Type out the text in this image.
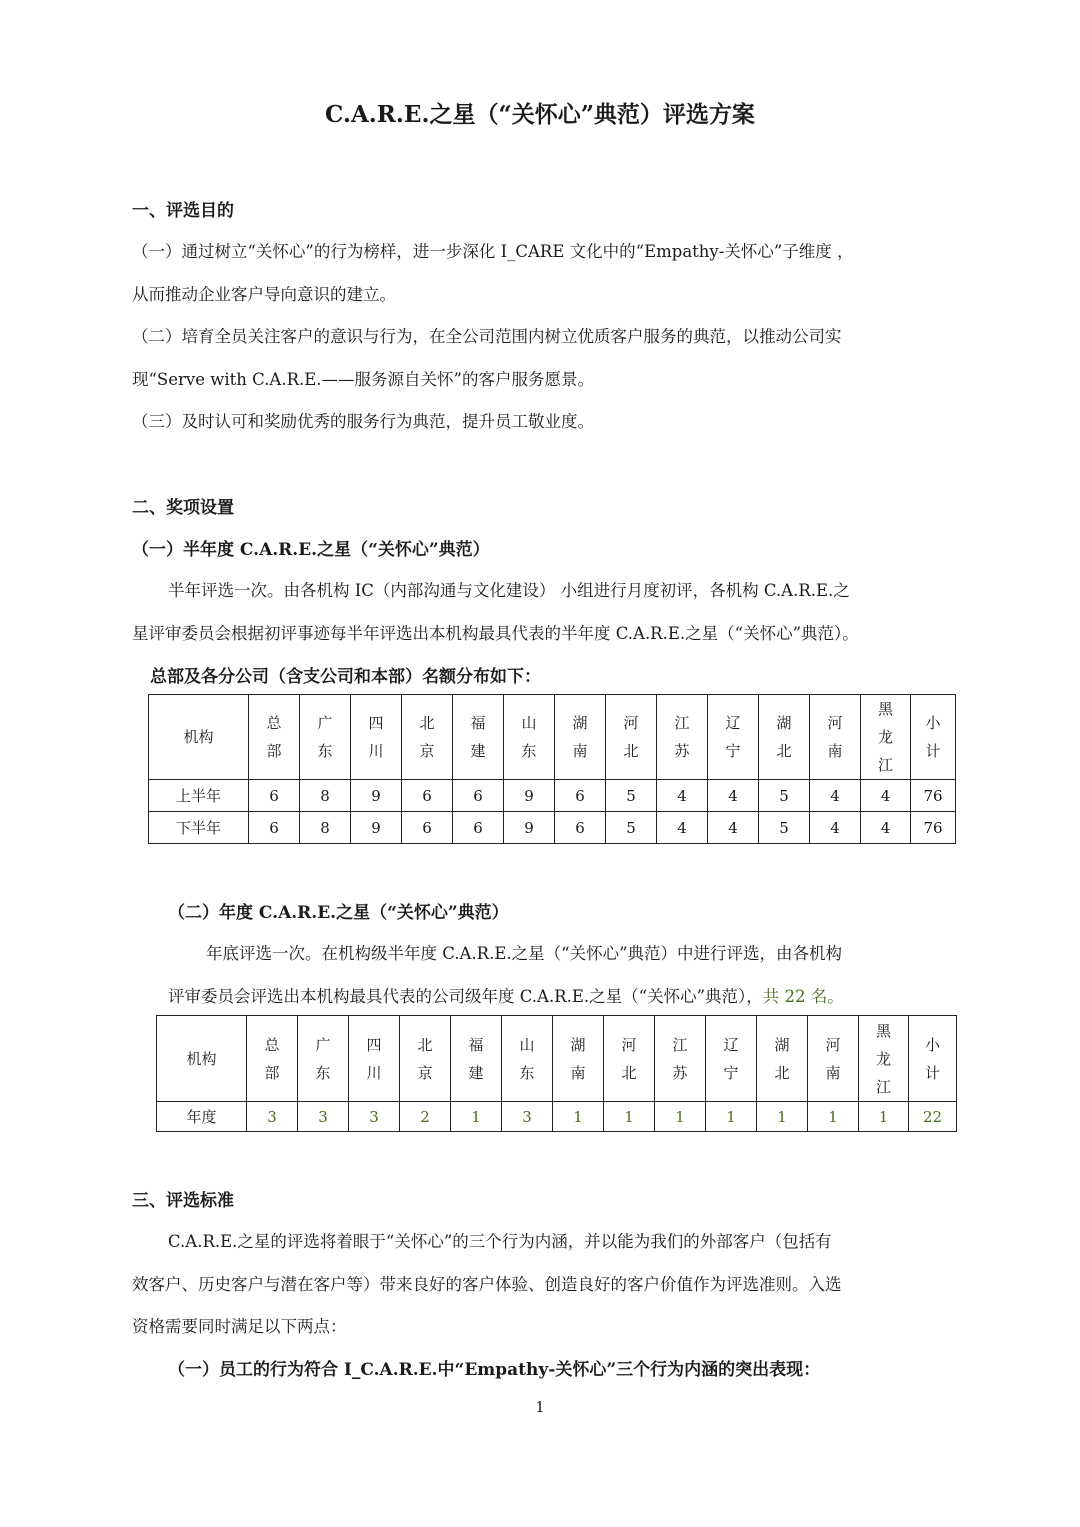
C.A.R.E.之星（“关怀心”典范）评选方案
一、评选目的
（一）通过树立“关怀心”的行为榜样，进一步深化 I_CARE 文化中的“Empathy-关怀心”子维度 ，
从而推动企业客户导向意识的建立。
（二）培育全员关注客户的意识与行为，在全公司范围内树立优质客户服务的典范，以推动公司实
现“Serve with C.A.R.E.——服务源自关怀”的客户服务愿景。
（三）及时认可和奖励优秀的服务行为典范，提升员工敬业度。
二、奖项设置
（一）半年度 C.A.R.E.之星（“关怀心”典范）
半年评选一次。由各机构 IC（内部沟通与文化建设） 小组进行月度初评，各机构 C.A.R.E.之
星评审委员会根据初评事迹每半年评选出本机构最具代表的半年度 C.A.R.E.之星（“关怀心”典范）。
总部及各分公司（含支公司和本部）名额分布如下：
机构	总部	广东	四川	北京	福建	山东	湖南	河北	江苏	辽宁	湖北	河南	黑龙江	小计
上半年	6	8	9	6	6	9	6	5	4	4	5	4	4	76
下半年	6	8	9	6	6	9	6	5	4	4	5	4	4	76
（二）年度 C.A.R.E.之星（“关怀心”典范）
年底评选一次。在机构级半年度 C.A.R.E.之星（“关怀心”典范）中进行评选，由各机构
评审委员会评选出本机构最具代表的公司级年度 C.A.R.E.之星（“关怀心”典范），共 22 名。
机构	总部	广东	四川	北京	福建	山东	湖南	河北	江苏	辽宁	湖北	河南	黑龙江	小计
年度	3	3	3	2	1	3	1	1	1	1	1	1	1	22
三、评选标准
C.A.R.E.之星的评选将着眼于“关怀心”的三个行为内涵，并以能为我们的外部客户（包括有
效客户、历史客户与潜在客户等）带来良好的客户体验、创造良好的客户价值作为评选准则。入选
资格需要同时满足以下两点：
（一）员工的行为符合 I_C.A.R.E.中“Empathy-关怀心”三个行为内涵的突出表现：
1
